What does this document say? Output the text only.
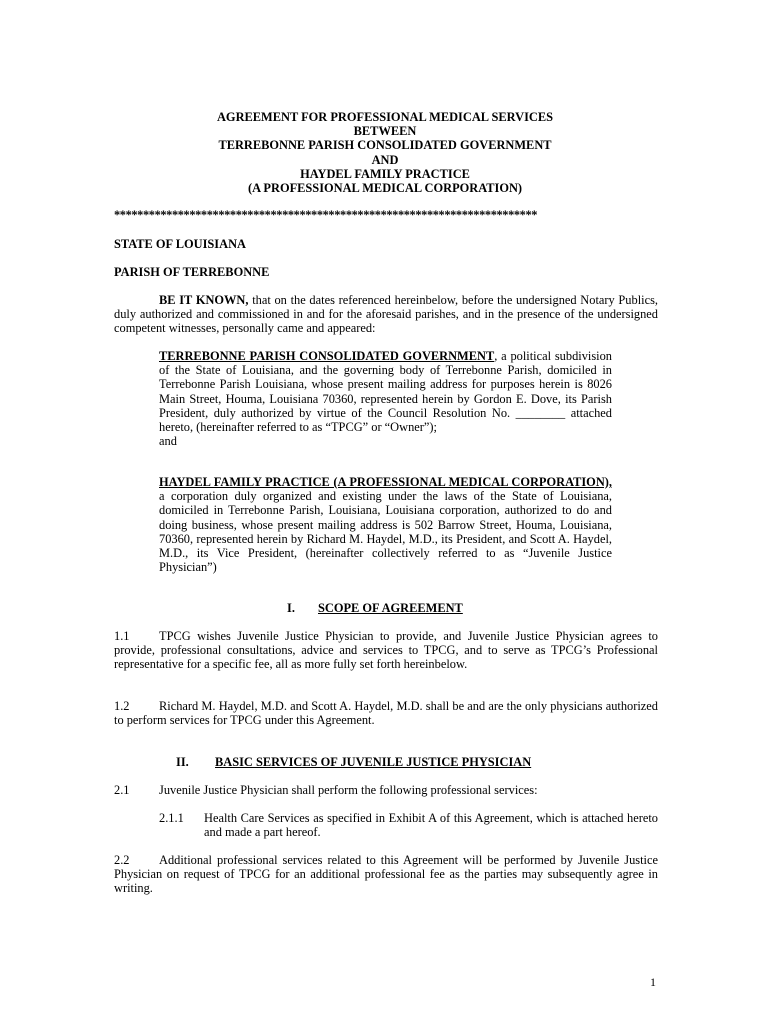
AGREEMENT FOR PROFESSIONAL MEDICAL SERVICES
BETWEEN
TERREBONNE PARISH CONSOLIDATED GOVERNMENT
AND
HAYDEL FAMILY PRACTICE
(A PROFESSIONAL MEDICAL CORPORATION)
*************************************************************************
STATE OF LOUISIANA
PARISH OF TERREBONNE

BE IT KNOWN, that on the dates referenced hereinbelow, before the undersigned Notary Publics, duly authorized and commissioned in and for the aforesaid parishes, and in the presence of the undersigned competent witnesses, personally came and appeared:

TERREBONNE PARISH CONSOLIDATED GOVERNMENT, a political subdivision of the State of Louisiana, and the governing body of Terrebonne Parish, domiciled in Terrebonne Parish Louisiana, whose present mailing address for purposes herein is 8026 Main Street, Houma, Louisiana 70360, represented herein by Gordon E. Dove, its Parish President, duly authorized by virtue of the Council Resolution No. ________ attached hereto, (hereinafter referred to as “TPCG” or “Owner”);
and

HAYDEL FAMILY PRACTICE (A PROFESSIONAL MEDICAL CORPORATION), a corporation duly organized and existing under the laws of the State of Louisiana, domiciled in Terrebonne Parish, Louisiana, Louisiana corporation, authorized to do and doing business, whose present mailing address is 502 Barrow Street, Houma, Louisiana, 70360, represented herein by Richard M. Haydel, M.D., its President, and Scott A. Haydel, M.D., its Vice President, (hereinafter collectively referred to as “Juvenile Justice Physician”)

I. SCOPE OF AGREEMENT

1.1 TPCG wishes Juvenile Justice Physician to provide, and Juvenile Justice Physician agrees to provide, professional consultations, advice and services to TPCG, and to serve as TPCG’s Professional representative for a specific fee, all as more fully set forth hereinbelow.

1.2 Richard M. Haydel, M.D. and Scott A. Haydel, M.D. shall be and are the only physicians authorized to perform services for TPCG under this Agreement.

II. BASIC SERVICES OF JUVENILE JUSTICE PHYSICIAN
2.1 Juvenile Justice Physician shall perform the following professional services:
2.1.1 Health Care Services as specified in Exhibit A of this Agreement, which is attached hereto and made a part hereof.

2.2 Additional professional services related to this Agreement will be performed by Juvenile Justice Physician on request of TPCG for an additional professional fee as the parties may subsequently agree in writing.

1
